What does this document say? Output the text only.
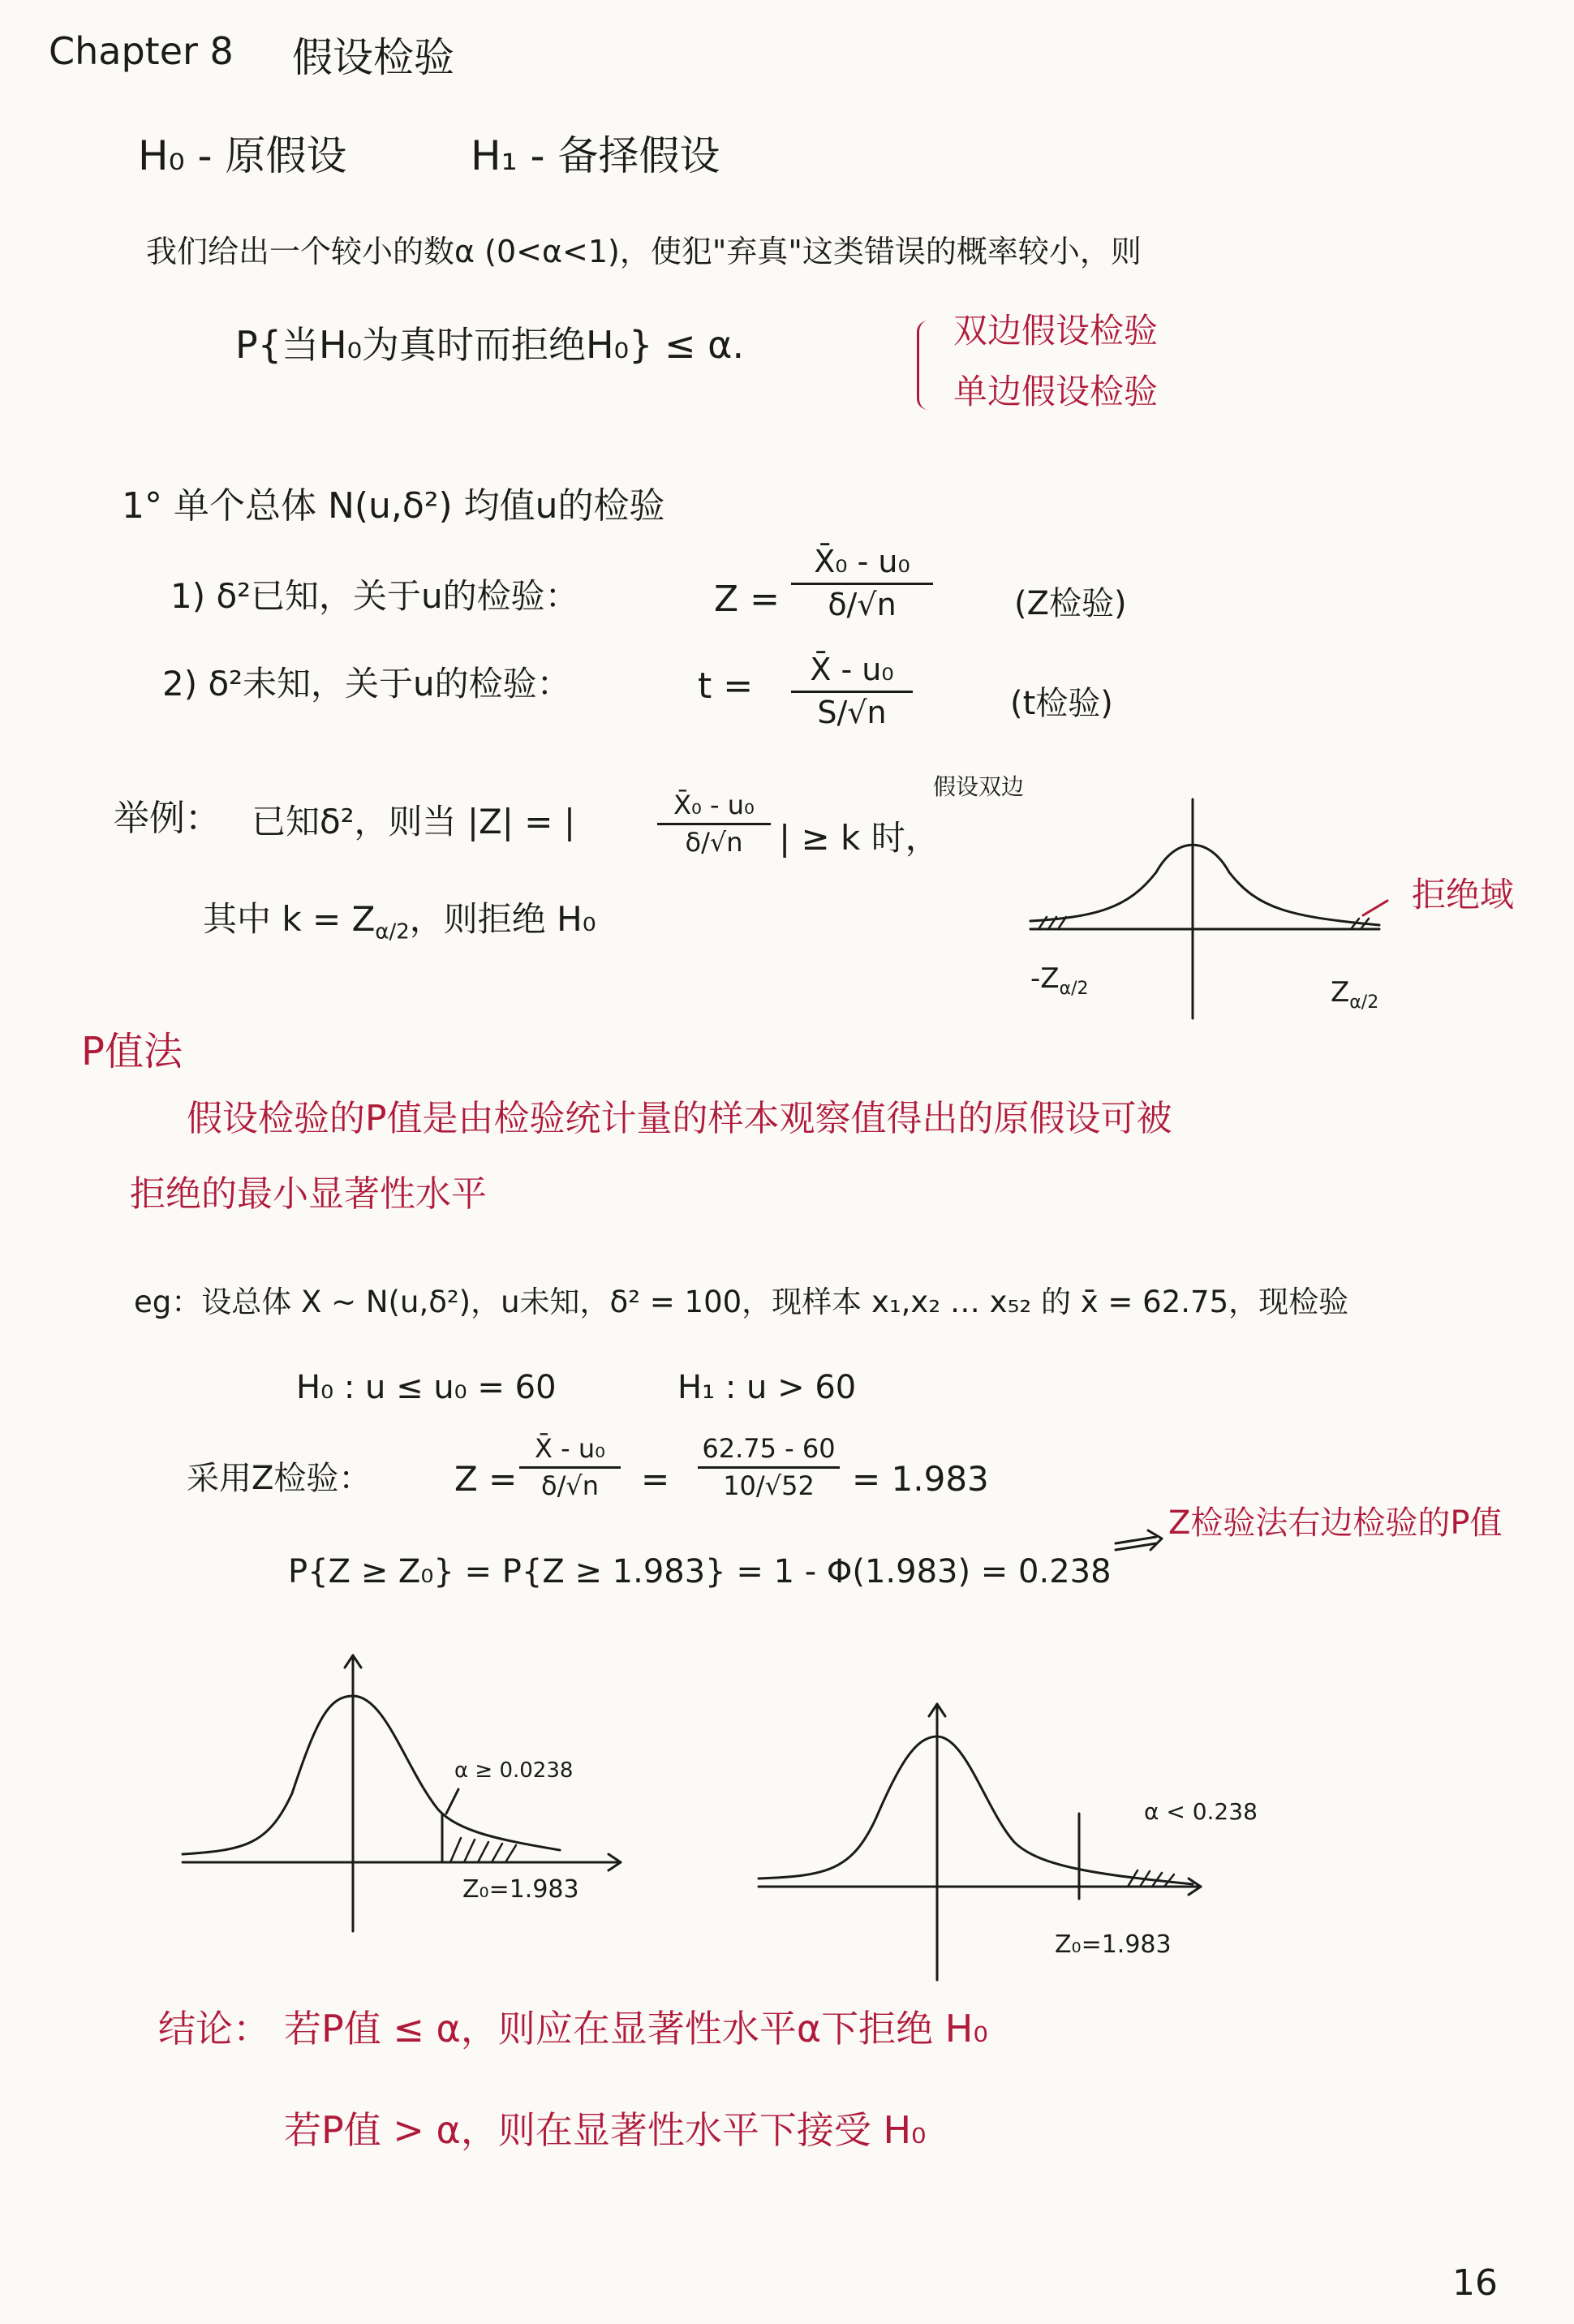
Chapter 8 假设检验
H₀ - 原假设	H₁ - 备择假设
我们给出一个较小的数α (0<α<1)，使犯"弃真"这类错误的概率较小，则
P{当H₀为真时而拒绝H₀} ≤ α.	双边假设检验
单边假设检验
1° 单个总体 N(u,δ²) 均值u的检验
1) δ²已知，关于u的检验：	Z =
X̄₀ - u₀
δ/√n	(Z检验)
2) δ²未知，关于u的检验：	t = X̄ - u₀
S/√n	(t检验)
举例： 已知δ²，则当 |Z| = |	X̄₀ - u₀
δ/√n | ≥ k 时，
其中 $k = Z_{\alpha/2}$，则拒绝 H₀
假设双边
拒绝域
$-Z_{\alpha/2}$	$Z_{\alpha/2}$
P值法
假设检验的P值是由检验统计量的样本观察值得出的原假设可被
拒绝的最小显著性水平
eg：设总体 X ~ N(u,δ²)，u未知，δ² = 100，现样本 x₁,x₂ … x₅₂ 的 x̄ = 62.75，现检验
H₀ : u ≤ u₀ = 60	H₁ : u > 60
采用Z检验： Z =
X̄ - u₀
δ/√n =
62.75 - 60
10/√52 = 1.983
P{Z ≥ Z₀} = P{Z ≥ 1.983} = 1 - Φ(1.983) = 0.238
Z检验法右边检验的P值
α ≥ 0.0238
Z₀=1.983
α < 0.238
Z₀=1.983
结论： 若P值 ≤ α，则应在显著性水平α下拒绝 H₀
若P值 > α，则在显著性水平下接受 H₀
16
